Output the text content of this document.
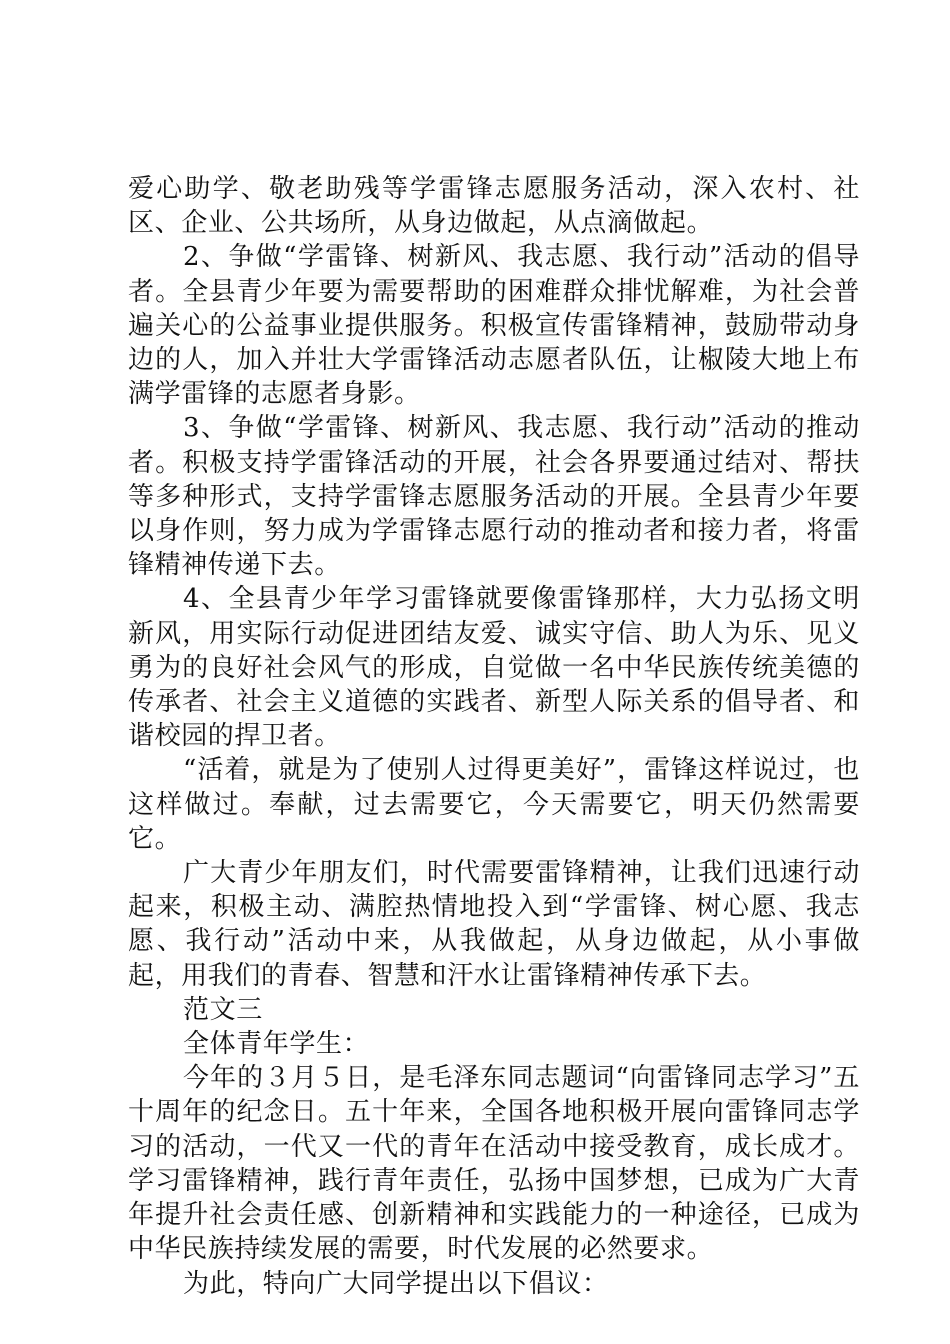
爱心助学、敬老助残等学雷锋志愿服务活动，深入农村、社区、企业、公共场所，从身边做起，从点滴做起。

2、争做“学雷锋、树新风、我志愿、我行动”活动的倡导者。全县青少年要为需要帮助的困难群众排忧解难，为社会普遍关心的公益事业提供服务。积极宣传雷锋精神，鼓励带动身边的人，加入并壮大学雷锋活动志愿者队伍，让椒陵大地上布满学雷锋的志愿者身影。

3、争做“学雷锋、树新风、我志愿、我行动”活动的推动者。积极支持学雷锋活动的开展，社会各界要通过结对、帮扶等多种形式，支持学雷锋志愿服务活动的开展。全县青少年要以身作则，努力成为学雷锋志愿行动的推动者和接力者，将雷锋精神传递下去。

4、全县青少年学习雷锋就要像雷锋那样，大力弘扬文明新风，用实际行动促进团结友爱、诚实守信、助人为乐、见义勇为的良好社会风气的形成，自觉做一名中华民族传统美德的传承者、社会主义道德的实践者、新型人际关系的倡导者、和谐校园的捍卫者。

“活着，就是为了使别人过得更美好”，雷锋这样说过，也这样做过。奉献，过去需要它，今天需要它，明天仍然需要它。

广大青少年朋友们，时代需要雷锋精神，让我们迅速行动起来，积极主动、满腔热情地投入到“学雷锋、树心愿、我志愿、我行动”活动中来，从我做起，从身边做起，从小事做起，用我们的青春、智慧和汗水让雷锋精神传承下去。

范文三

全体青年学生：

今年的３月５日，是毛泽东同志题词“向雷锋同志学习”五十周年的纪念日。五十年来，全国各地积极开展向雷锋同志学习的活动，一代又一代的青年在活动中接受教育，成长成才。学习雷锋精神，践行青年责任，弘扬中国梦想，已成为广大青年提升社会责任感、创新精神和实践能力的一种途径，已成为中华民族持续发展的需要，时代发展的必然要求。

为此，特向广大同学提出以下倡议：
